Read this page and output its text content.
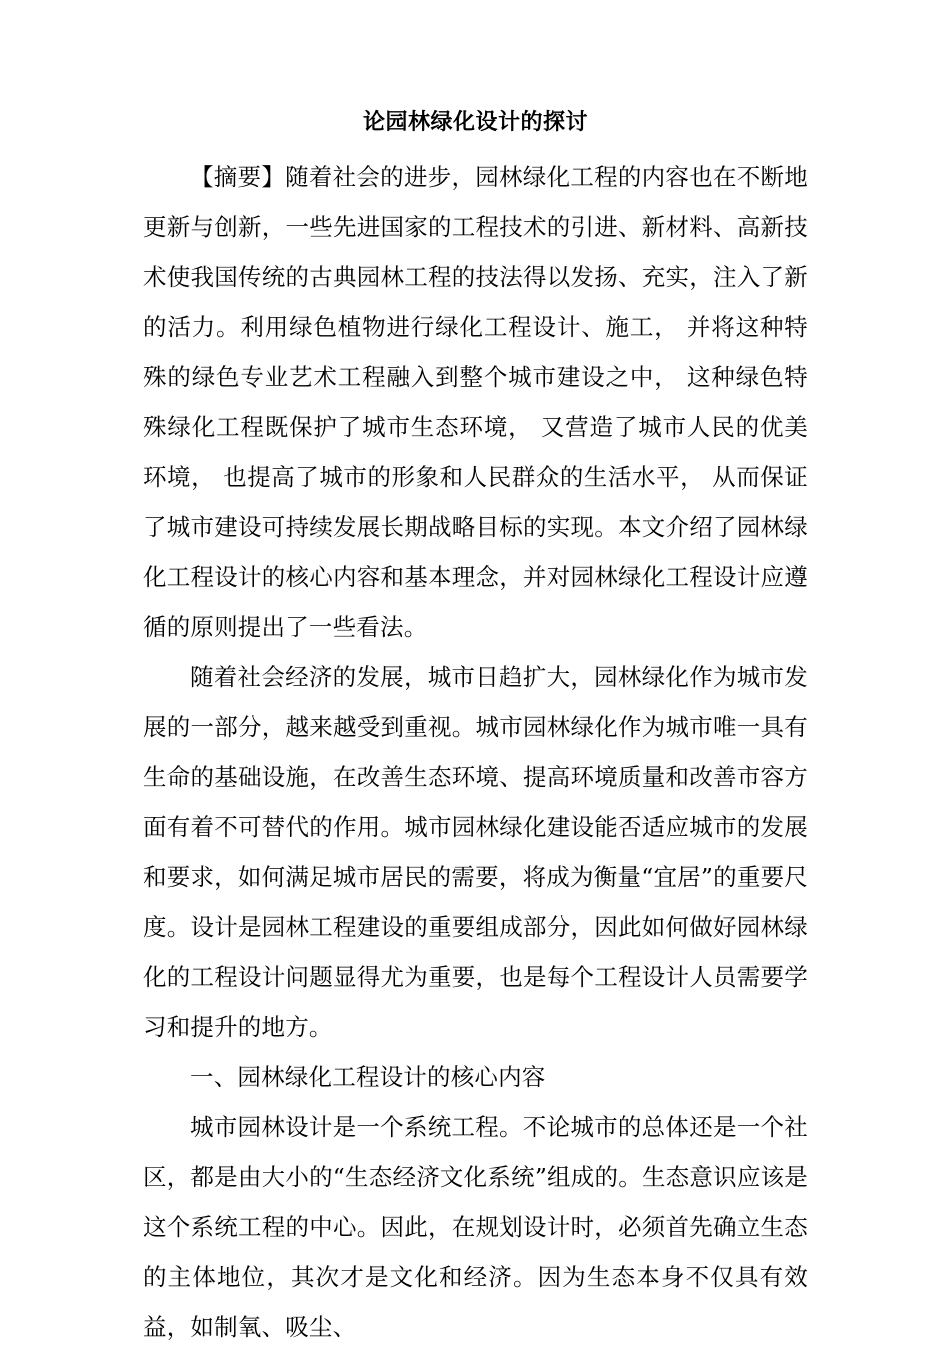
论园林绿化设计的探讨

【摘要】随着社会的进步，园林绿化工程的内容也在不断地更新与创新，一些先进国家的工程技术的引进、新材料、高新技术使我国传统的古典园林工程的技法得以发扬、充实，注入了新的活力。利用绿色植物进行绿化工程设计、施工， 并将这种特殊的绿色专业艺术工程融入到整个城市建设之中， 这种绿色特殊绿化工程既保护了城市生态环境， 又营造了城市人民的优美环境， 也提高了城市的形象和人民群众的生活水平， 从而保证了城市建设可持续发展长期战略目标的实现。本文介绍了园林绿化工程设计的核心内容和基本理念，并对园林绿化工程设计应遵循的原则提出了一些看法。

随着社会经济的发展，城市日趋扩大，园林绿化作为城市发展的一部分，越来越受到重视。城市园林绿化作为城市唯一具有生命的基础设施，在改善生态环境、提高环境质量和改善市容方面有着不可替代的作用。城市园林绿化建设能否适应城市的发展和要求，如何满足城市居民的需要，将成为衡量“宜居”的重要尺度。设计是园林工程建设的重要组成部分，因此如何做好园林绿化的工程设计问题显得尤为重要，也是每个工程设计人员需要学习和提升的地方。

一、园林绿化工程设计的核心内容

城市园林设计是一个系统工程。不论城市的总体还是一个社区，都是由大小的“生态经济文化系统”组成的。生态意识应该是这个系统工程的中心。因此，在规划设计时，必须首先确立生态的主体地位，其次才是文化和经济。因为生态本身不仅具有效益，如制氧、吸尘、
